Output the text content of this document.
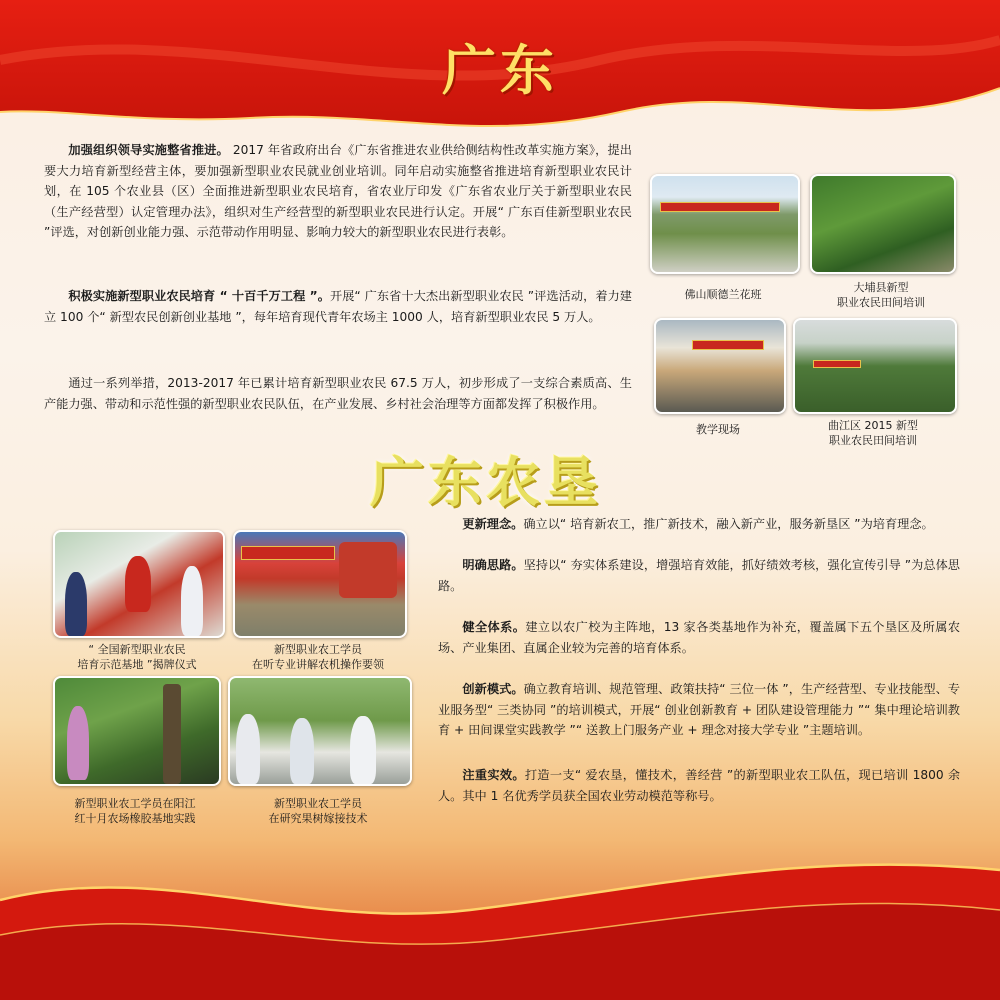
广东
加强组织领导实施整省推进。 2017 年省政府出台《广东省推进农业供给侧结构性改革实施方案》，提出要大力培育新型经营主体，要加强新型职业农民就业创业培训。同年启动实施整省推进培育新型职业农民计划，在 105 个农业县（区）全面推进新型职业农民培育，省农业厅印发《广东省农业厅关于新型职业农民（生产经营型）认定管理办法》，组织对生产经营型的新型职业农民进行认定。开展“ 广东百佳新型职业农民 ”评选，对创新创业能力强、示范带动作用明显、影响力较大的新型职业农民进行表彰。
积极实施新型职业农民培育 “ 十百千万工程 ”。开展“ 广东省十大杰出新型职业农民 ”评选活动，着力建立 100 个“ 新型农民创新创业基地 ”，每年培育现代青年农场主 1000 人，培育新型职业农民 5 万人。
通过一系列举措，2013-2017 年已累计培育新型职业农民 67.5 万人，初步形成了一支综合素质高、生产能力强、带动和示范性强的新型职业农民队伍，在产业发展、乡村社会治理等方面都发挥了积极作用。
佛山顺德兰花班
大埔县新型
职业农民田间培训
教学现场	曲江区 2015 新型
职业农民田间培训
广东农垦
“ 全国新型职业农民
培育示范基地 ”揭牌仪式
新型职业农工学员
在听专业讲解农机操作要领
新型职业农工学员在阳江
红十月农场橡胶基地实践
新型职业农工学员
在研究果树嫁接技术
更新理念。确立以“ 培育新农工，推广新技术，融入新产业，服务新垦区 ”为培育理念。
明确思路。坚持以“ 夯实体系建设，增强培育效能，抓好绩效考核，强化宣传引导 ”为总体思路。
健全体系。建立以农广校为主阵地，13 家各类基地作为补充，覆盖属下五个垦区及所属农场、产业集团、直属企业较为完善的培育体系。
创新模式。确立教育培训、规范管理、政策扶持“ 三位一体 ”，生产经营型、专业技能型、专业服务型“ 三类协同 ”的培训模式，开展“ 创业创新教育 + 团队建设管理能力 ”“ 集中理论培训教育 + 田间课堂实践教学 ”“ 送教上门服务产业 + 理念对接大学专业 ”主题培训。
注重实效。打造一支“ 爱农垦，懂技术，善经营 ”的新型职业农工队伍，现已培训 1800 余人。其中 1 名优秀学员获全国农业劳动模范等称号。
